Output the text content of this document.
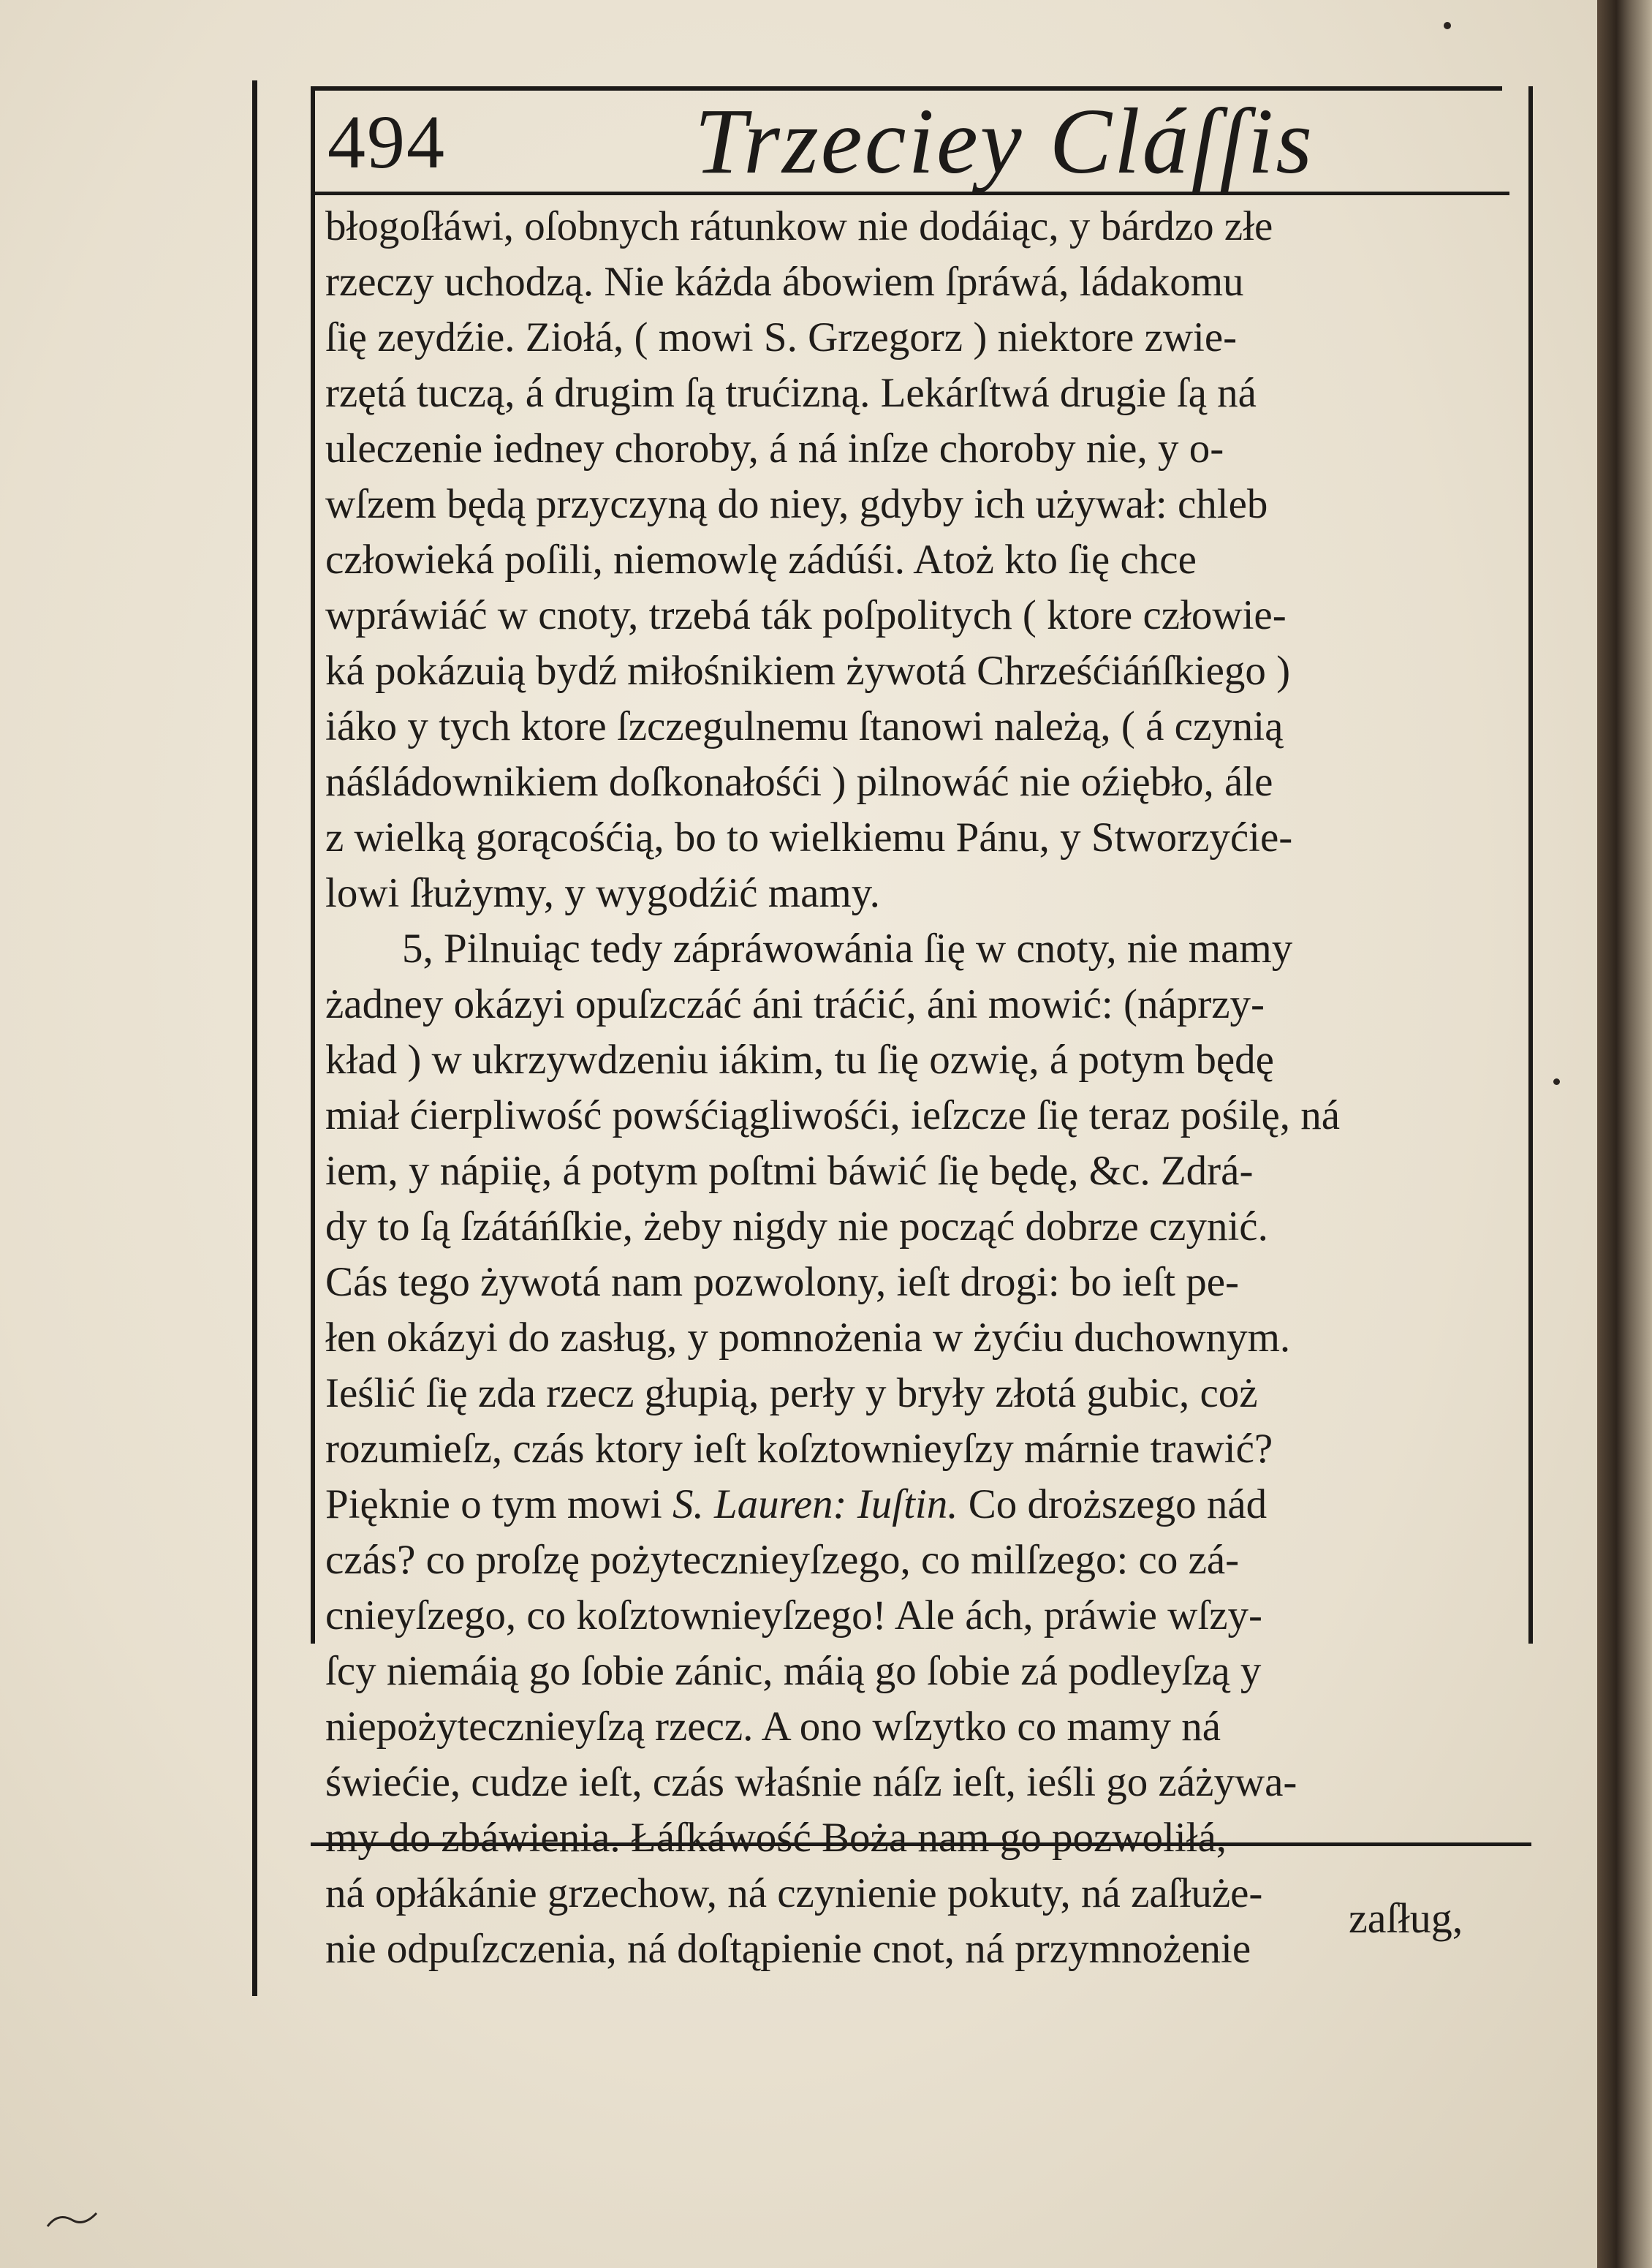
494	Trzeciey Cláſſis
błogoſłáwi, oſobnych rátunkow nie dodáiąc, y bárdzo złe
rzeczy uchodzą. Nie káżda ábowiem ſpráwá, ládakomu
ſię zeydźie. Ziołá, ( mowi S. Grzegorz ) niektore zwie-
rzętá tuczą, á drugim ſą trućizną. Lekárſtwá drugie ſą ná
uleczenie iedney choroby, á ná inſze choroby nie, y o-
wſzem będą przyczyną do niey, gdyby ich używał: chleb
człowieká poſili, niemowlę zádúśi. Atoż kto ſię chce
wpráwiáć w cnoty, trzebá ták poſpolitych ( ktore człowie-
ká pokázuią bydź miłośnikiem żywotá Chrześćiáńſkiego )
iáko y tych ktore ſzczegulnemu ſtanowi należą, ( á czynią
náśládownikiem doſkonałośći ) pilnowáć nie oźiębło, ále
z wielką gorącośćią, bo to wielkiemu Pánu, y Stworzyćie-
lowi ſłużymy, y wygodźić mamy.
5, Pilnuiąc tedy zápráwowánia ſię w cnoty, nie mamy
żadney okázyi opuſzczáć áni tráćić, áni mowić: (náprzy-
kład ) w ukrzywdzeniu iákim, tu ſię ozwię, á potym będę
miał ćierpliwość powśćiągliwośći, ieſzcze ſię teraz pośilę, ná
iem, y nápiię, á potym poſtmi báwić ſię będę, &c. Zdrá-
dy to ſą ſzátáńſkie, żeby nigdy nie począć dobrze czynić.
Cás tego żywotá nam pozwolony, ieſt drogi: bo ieſt pe-
łen okázyi do zasług, y pomnożenia w żyćiu duchownym.
Ieślić ſię zda rzecz głupią, perły y bryły złotá gubic, coż
rozumieſz, czás ktory ieſt koſztownieyſzy márnie trawić?
Pięknie o tym mowi S. Lauren: Iuſtin. Co droższego nád
czás? co proſzę pożytecznieyſzego, co milſzego: co zá-
cnieyſzego, co koſztownieyſzego! Ale ách, práwie wſzy-
ſcy niemáią go ſobie zánic, máią go ſobie zá podleyſzą y
niepożytecznieyſzą rzecz. A ono wſzytko co mamy ná
świećie, cudze ieſt, czás właśnie náſz ieſt, ieśli go záżywa-
my do zbáwienia. Łáſkáwość Boża nam go pozwoliłá,
ná opłákánie grzechow, ná czynienie pokuty, ná zaſłuże-
nie odpuſzczenia, ná doſtąpienie cnot, ná przymnożenie
zaſług,
